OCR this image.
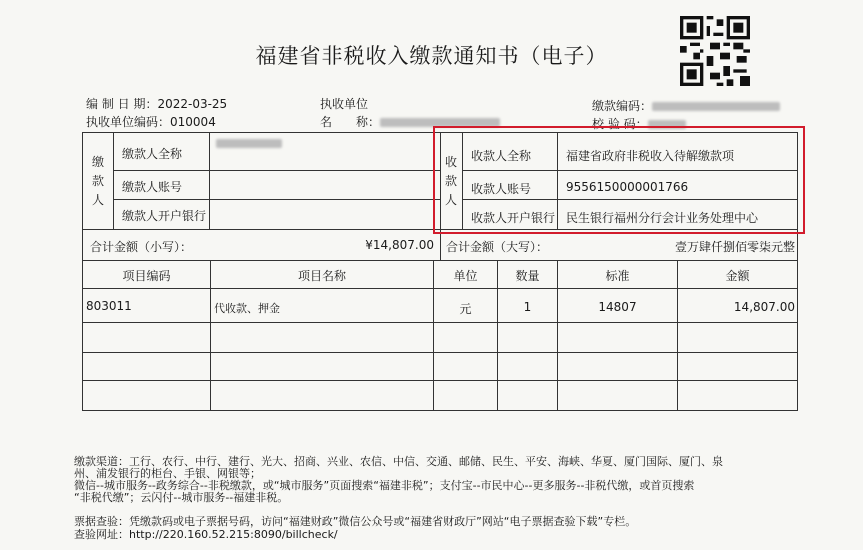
福建省非税收入缴款通知书（电子）
编 制 日 期：2022-03-25
执收单位编码：010004
执收单位
名　　称：
缴款编码：
校 验 码：
缴款人
缴款人全称
缴款人账号
缴款人开户银行
收款人
收款人全称	福建省政府非税收入待解缴款项
收款人账号	9556150000001766
收款人开户银行 民生银行福州分行会计业务处理中心
合计金额（小写）：	¥14,807.00 合计金额（大写）：	壹万肆仟捌佰零柒元整
项目编码	项目名称	单位	数量	标准	金额
803011	代收款、押金	元	1	14807	14,807.00
缴款渠道：工行、农行、中行、建行、光大、招商、兴业、农信、中信、交通、邮储、民生、平安、海峡、华夏、厦门国际、厦门、泉
州、浦发银行的柜台、手银、网银等；
微信--城市服务--政务综合--非税缴款，或“城市服务”页面搜索“福建非税”；支付宝--市民中心--更多服务--非税代缴，或首页搜索
“非税代缴”；云闪付--城市服务--福建非税。
票据查验：凭缴款码或电子票据号码，访问“福建财政”微信公众号或“福建省财政厅”网站“电子票据查验下载”专栏。
查验网址：http://220.160.52.215:8090/billcheck/
